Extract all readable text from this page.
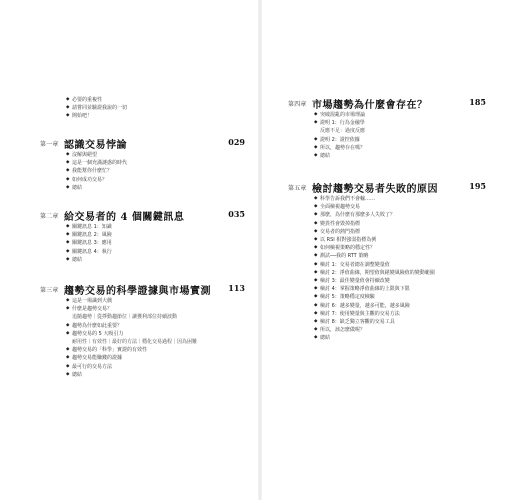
◆ 必要的重複性
◆ 請嘗同並驗證我說的一切
◆ 開始吧！
第一章 認識交易悖論	029
◆ 沒解與絕望
◆ 這是一個充滿謎惑的時代
◆ 我能幫你什麼忙？
◆ 如何成功交易？
◆ 總結
第二章 給交易者的 4 個關鍵訊息	035
◆ 關鍵訊息 1：知識
◆ 關鍵訊息 2：風險
◆ 關鍵訊息 3：應用
◆ 關鍵訊息 4：執行
◆ 總結
第三章 趨勢交易的科學證據與市場實測 113
◆ 這是一場識到大戲
◆ 什麼是趨勢交易？
追隨趨勢｜從掙動趨節位｜讓獲利部位持續波動
◆ 趨勢為什麼如此重要？
◆ 趨勢交易的 5 大吸引力
耐用性｜有效性｜最好的方法｜穩化交易過程｜因為困難
◆ 趨勢交易的「科學」實證的有效性
◆ 趨勢交易能賺錢的證據
◆ 最可行的交易方法
◆ 總結
第四章 市場趨勢為什麼會存在？	185
◆ 突破混亂的市場理論
◆ 證明 1：行為金融學
反應不足：過度反應
◆ 證明 2：證控依據
◆ 所以，趨勢存在嗎？
◆ 總結
第五章 檢討趨勢交易者失敗的原因	195
◆ 科學告訴我們不會輸……
◆ 全面檢視趨勢交易
◆ 那麼，為什麼有那麼多人失敗了？
◆ 變異性會毀掉指標
◆ 交易者的熱門指標
◆ 以 RSI 相對強弱指標為例
◆ 如何檢視策略的穩定性？
◆ 測試──我的 RTT 策略
◆ 檢討 1：交易者總在調整變量值
◆ 檢討 2：淨值曲線，期望值與絕變風險值的變動範圍
◆ 檢討 3：最佳變量值會持續改變
◆ 檢討 4：掌握策略淨值曲線的上限與下限
◆ 檢討 5：策略穩定度檢驗
◆ 檢討 6：越多變量，越多可能，越多風險
◆ 檢討 7：使用變量與主觀的交易方法
◆ 檢討 8：缺乏獨立客觀的交易工具
◆ 所以，該怎麼做呢？
◆ 總結
